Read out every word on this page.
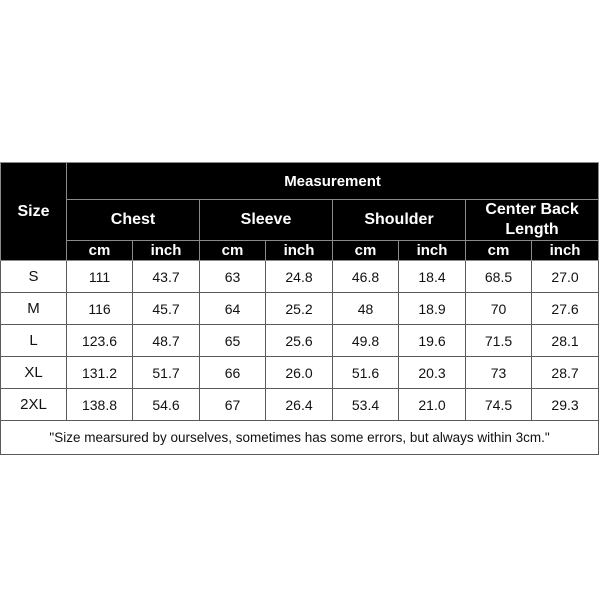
Size	Measurement							
	Chest		Sleeve		Shoulder		Center Back Length	
	cm	inch	cm	inch	cm	inch	cm	inch
S	111	43.7	63	24.8	46.8	18.4	68.5	27.0
M	116	45.7	64	25.2	48	18.9	70	27.6
L	123.6	48.7	65	25.6	49.8	19.6	71.5	28.1
XL	131.2	51.7	66	26.0	51.6	20.3	73	28.7
2XL	138.8	54.6	67	26.4	53.4	21.0	74.5	29.3
"Size mearsured by ourselves, sometimes has some errors, but always within 3cm."								
